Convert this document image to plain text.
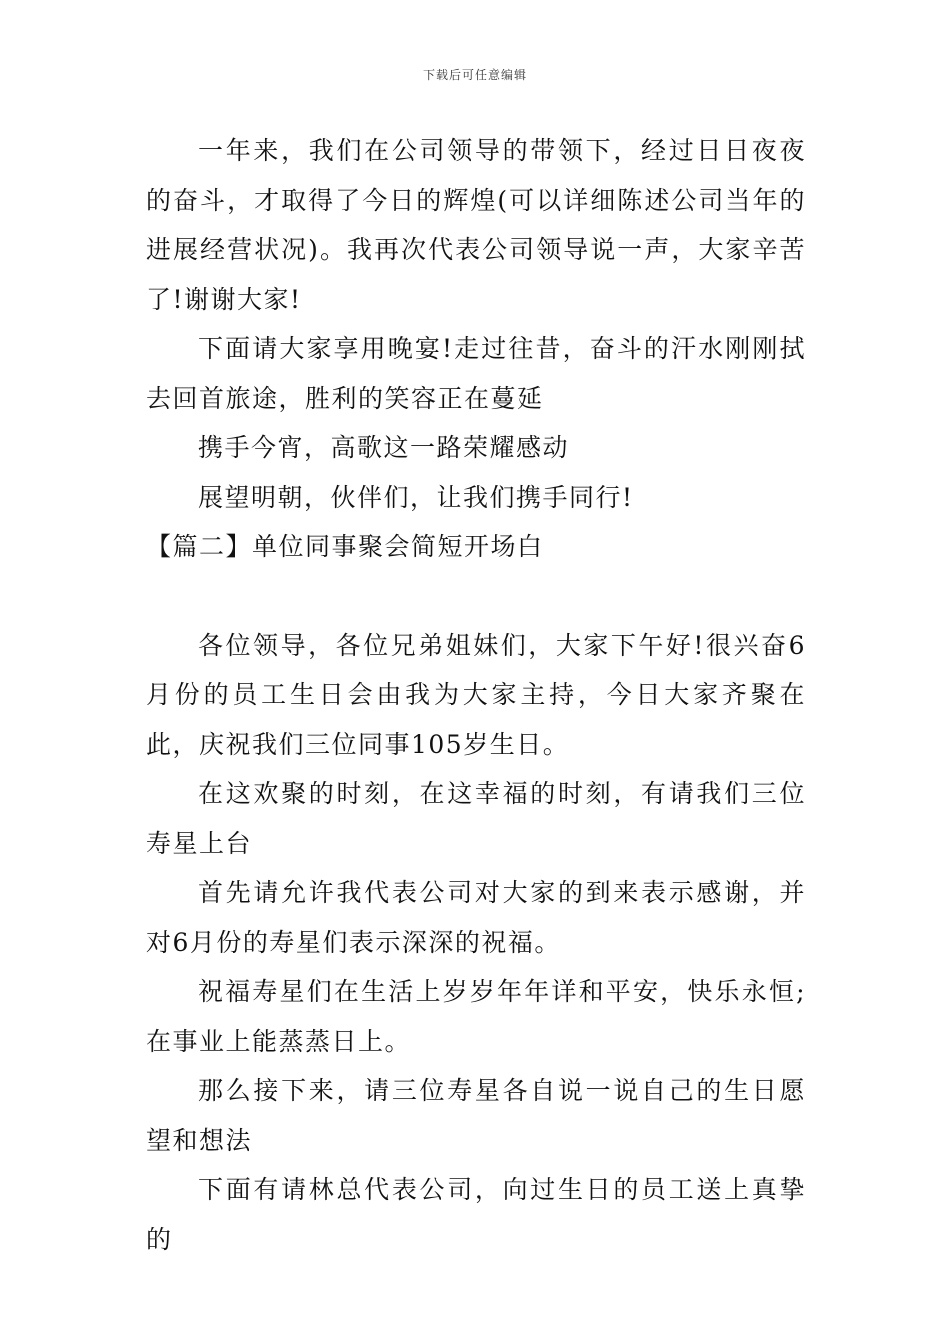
下载后可任意编辑

一年来，我们在公司领导的带领下，经过日日夜夜的奋斗，才取得了今日的辉煌(可以详细陈述公司当年的进展经营状况)。我再次代表公司领导说一声，大家辛苦了!谢谢大家!

下面请大家享用晚宴!走过往昔，奋斗的汗水刚刚拭去回首旅途，胜利的笑容正在蔓延

携手今宵，高歌这一路荣耀感动

展望明朝，伙伴们，让我们携手同行!

【篇二】单位同事聚会简短开场白

各位领导，各位兄弟姐妹们，大家下午好!很兴奋6月份的员工生日会由我为大家主持，今日大家齐聚在此，庆祝我们三位同事105岁生日。

在这欢聚的时刻，在这幸福的时刻，有请我们三位寿星上台

首先请允许我代表公司对大家的到来表示感谢，并对6月份的寿星们表示深深的祝福。

祝福寿星们在生活上岁岁年年详和平安，快乐永恒;在事业上能蒸蒸日上。

那么接下来，请三位寿星各自说一说自己的生日愿望和想法

下面有请林总代表公司，向过生日的员工送上真挚的
